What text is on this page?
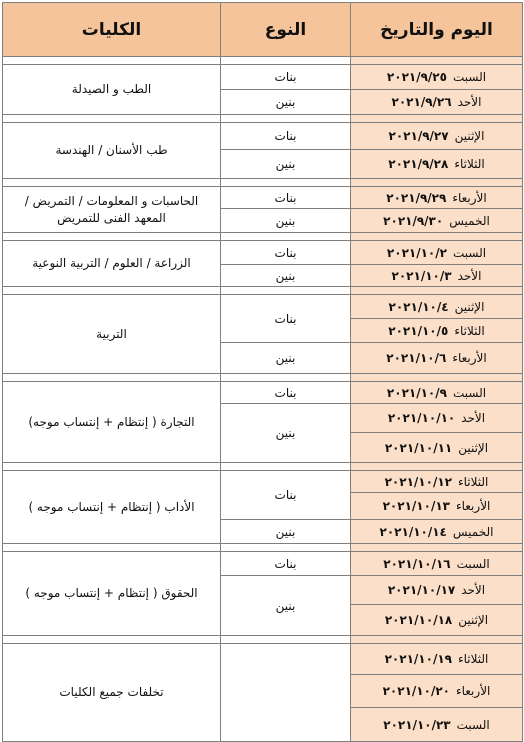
الكليات	النوع	اليوم والتاريخ

الطب و الصيدلة	بنات	السبت٢٠٢١/٩/٢٥
	بنين	الأحد٢٠٢١/٩/٢٦

طب الأسنان / الهندسة	بنات	الإثنين٢٠٢١/٩/٢٧
	بنين	الثلاثاء٢٠٢١/٩/٢٨

الحاسبات و المعلومات / التمريض / المعهد الفنى للتمريض	بنات	الأربعاء٢٠٢١/٩/٢٩
	بنين	الخميس٢٠٢١/٩/٣٠

الزراعة / العلوم / التربية النوعية	بنات	السبت٢٠٢١/١٠/٢
	بنين	الأحد٢٠٢١/١٠/٣

التربية	بنات	الإثنين٢٠٢١/١٠/٤
		الثلاثاء٢٠٢١/١٠/٥
	بنين	الأربعاء٢٠٢١/١٠/٦

التجارة ( إنتظام + إنتساب موجه)	بنات	السبت٢٠٢١/١٠/٩
	بنين	الأحد٢٠٢١/١٠/١٠
		الإثنين٢٠٢١/١٠/١١

الأداب ( إنتظام + إنتساب موجه )	بنات	الثلاثاء٢٠٢١/١٠/١٢
		الأربعاء٢٠٢١/١٠/١٣
	بنين	الخميس٢٠٢١/١٠/١٤

الحقوق ( إنتظام + إنتساب موجه )	بنات	السبت٢٠٢١/١٠/١٦
	بنين	الأحد٢٠٢١/١٠/١٧
		الإثنين٢٠٢١/١٠/١٨

تخلفات جميع الكليات		الثلاثاء٢٠٢١/١٠/١٩
		الأربعاء٢٠٢١/١٠/٢٠
		السبت٢٠٢١/١٠/٢٣
